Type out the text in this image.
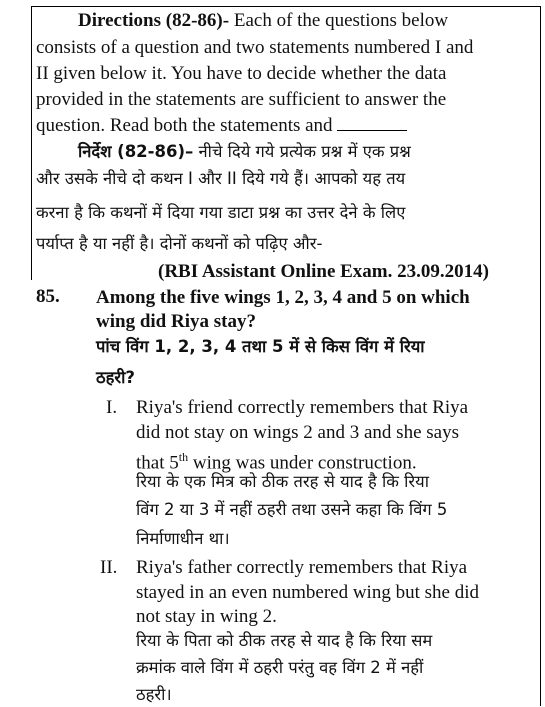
Directions (82-86)- Each of the questions below
consists of a question and two statements numbered I and
II given below it. You have to decide whether the data
provided in the statements are sufficient to answer the
question. Read both the statements and
निर्देश (82-86)– नीचे दिये गये प्रत्येक प्रश्न में एक प्रश्न
और उसके नीचे दो कथन I और II दिये गये हैं। आपको यह तय
करना है कि कथनों में दिया गया डाटा प्रश्न का उत्तर देने के लिए
पर्याप्त है या नहीं है। दोनों कथनों को पढ़िए और-
(RBI Assistant Online Exam. 23.09.2014)
85. Among the five wings 1, 2, 3, 4 and 5 on which
wing did Riya stay?
पांच विंग 1, 2, 3, 4 तथा 5 में से किस विंग में रिया
ठहरी?
I. Riya's friend correctly remembers that Riya
did not stay on wings 2 and 3 and she says
that 5th wing was under construction.
रिया के एक मित्र को ठीक तरह से याद है कि रिया
विंग 2 या 3 में नहीं ठहरी तथा उसने कहा कि विंग 5
निर्माणाधीन था।
II. Riya's father correctly remembers that Riya
stayed in an even numbered wing but she did
not stay in wing 2.
रिया के पिता को ठीक तरह से याद है कि रिया सम
क्रमांक वाले विंग में ठहरी परंतु वह विंग 2 में नहीं
ठहरी।
